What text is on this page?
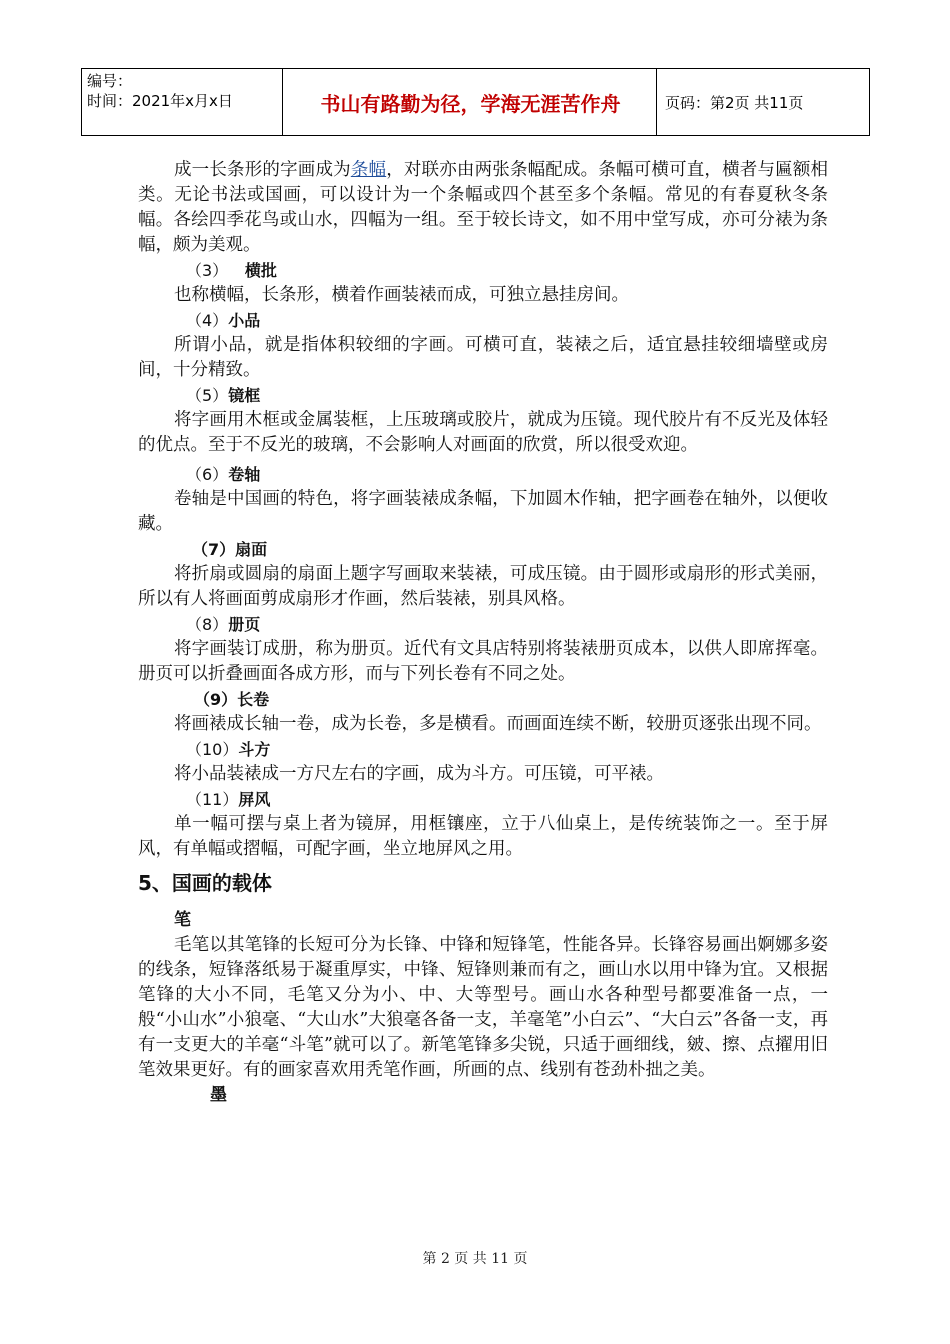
编号：
时间：2021年x月x日	书山有路勤为径，学海无涯苦作舟	页码：第2页 共11页

成一长条形的字画成为条幅，对联亦由两张条幅配成。条幅可横可直，横者与匾额相类。无论书法或国画，可以设计为一个条幅或四个甚至多个条幅。常见的有春夏秋冬条幅。各绘四季花鸟或山水，四幅为一组。至于较长诗文，如不用中堂写成，亦可分裱为条幅，颇为美观。

（3） 横批

也称横幅，长条形，横着作画装裱而成，可独立悬挂房间。

（4）小品

所谓小品，就是指体积较细的字画。可横可直，装裱之后，适宜悬挂较细墙壁或房间，十分精致。

（5）镜框

将字画用木框或金属装框，上压玻璃或胶片，就成为压镜。现代胶片有不反光及体轻的优点。至于不反光的玻璃，不会影响人对画面的欣赏，所以很受欢迎。

（6）卷轴

卷轴是中国画的特色，将字画装裱成条幅，下加圆木作轴，把字画卷在轴外，以便收藏。

（7）扇面

将折扇或圆扇的扇面上题字写画取来装裱，可成压镜。由于圆形或扇形的形式美丽，所以有人将画面剪成扇形才作画，然后装裱，别具风格。

（8）册页

将字画装订成册，称为册页。近代有文具店特别将装裱册页成本，以供人即席挥毫。册页可以折叠画面各成方形，而与下列长卷有不同之处。

（9）长卷

将画裱成长轴一卷，成为长卷，多是横看。而画面连续不断，较册页逐张出现不同。

（10）斗方

将小品装裱成一方尺左右的字画，成为斗方。可压镜，可平裱。

（11）屏风

单一幅可摆与桌上者为镜屏，用框镶座，立于八仙桌上，是传统装饰之一。至于屏风，有单幅或摺幅，可配字画，坐立地屏风之用。

5、国画的载体

笔

毛笔以其笔锋的长短可分为长锋、中锋和短锋笔，性能各异。长锋容易画出婀娜多姿的线条，短锋落纸易于凝重厚实，中锋、短锋则兼而有之，画山水以用中锋为宜。又根据笔锋的大小不同，毛笔又分为小、中、大等型号。画山水各种型号都要准备一点，一般“小山水”小狼毫、“大山水”大狼毫各备一支，羊毫笔”小白云”、“大白云”各备一支，再有一支更大的羊毫“斗笔”就可以了。新笔笔锋多尖锐，只适于画细线，皴、擦、点擢用旧笔效果更好。有的画家喜欢用秃笔作画，所画的点、线别有苍劲朴拙之美。

墨

第 2 页 共 11 页
